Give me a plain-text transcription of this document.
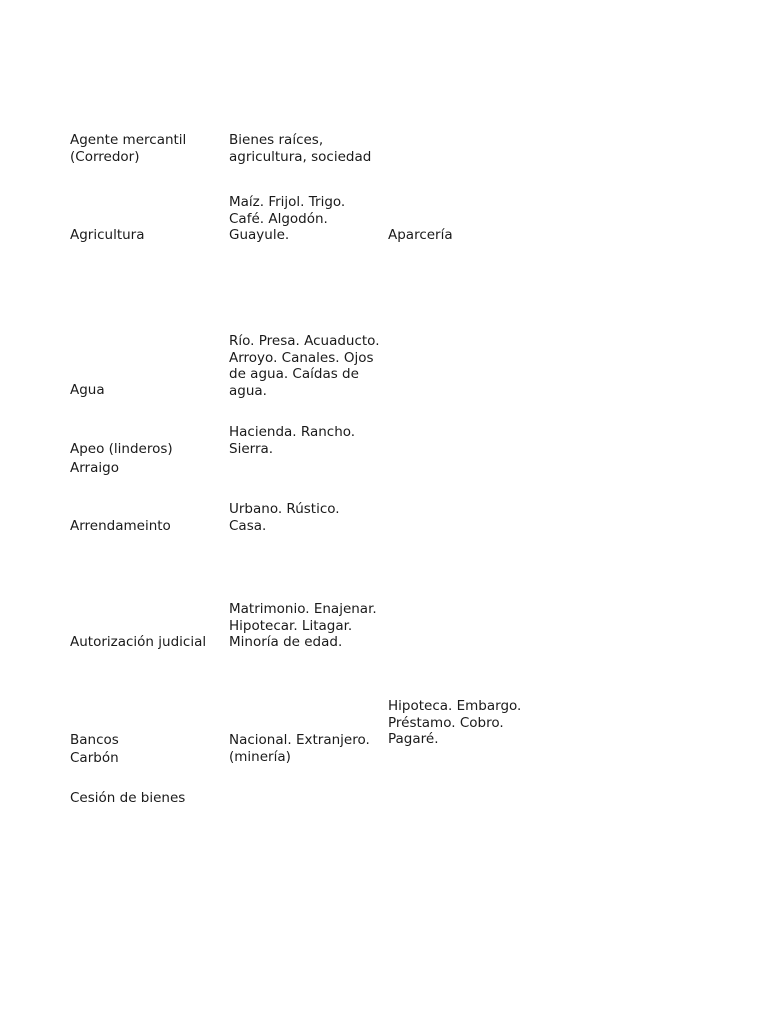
Agente mercantil
(Corredor)
Bienes raíces,
agricultura, sociedad
Agricultura
Maíz. Frijol. Trigo.
Café. Algodón.
Guayule.	Aparcería
Agua
Río. Presa. Acuaducto.
Arroyo. Canales. Ojos
de agua. Caídas de
agua.
Apeo (linderos)
Hacienda. Rancho.
Sierra.
Arraigo
Arrendameinto
Urbano. Rústico.
Casa.
Autorización judicial
Matrimonio. Enajenar.
Hipotecar. Litagar.
Minoría de edad.
Bancos
Hipoteca. Embargo.
Préstamo. Cobro.
Pagaré.
Carbón
Nacional. Extranjero.
(minería)
Cesión de bienes
